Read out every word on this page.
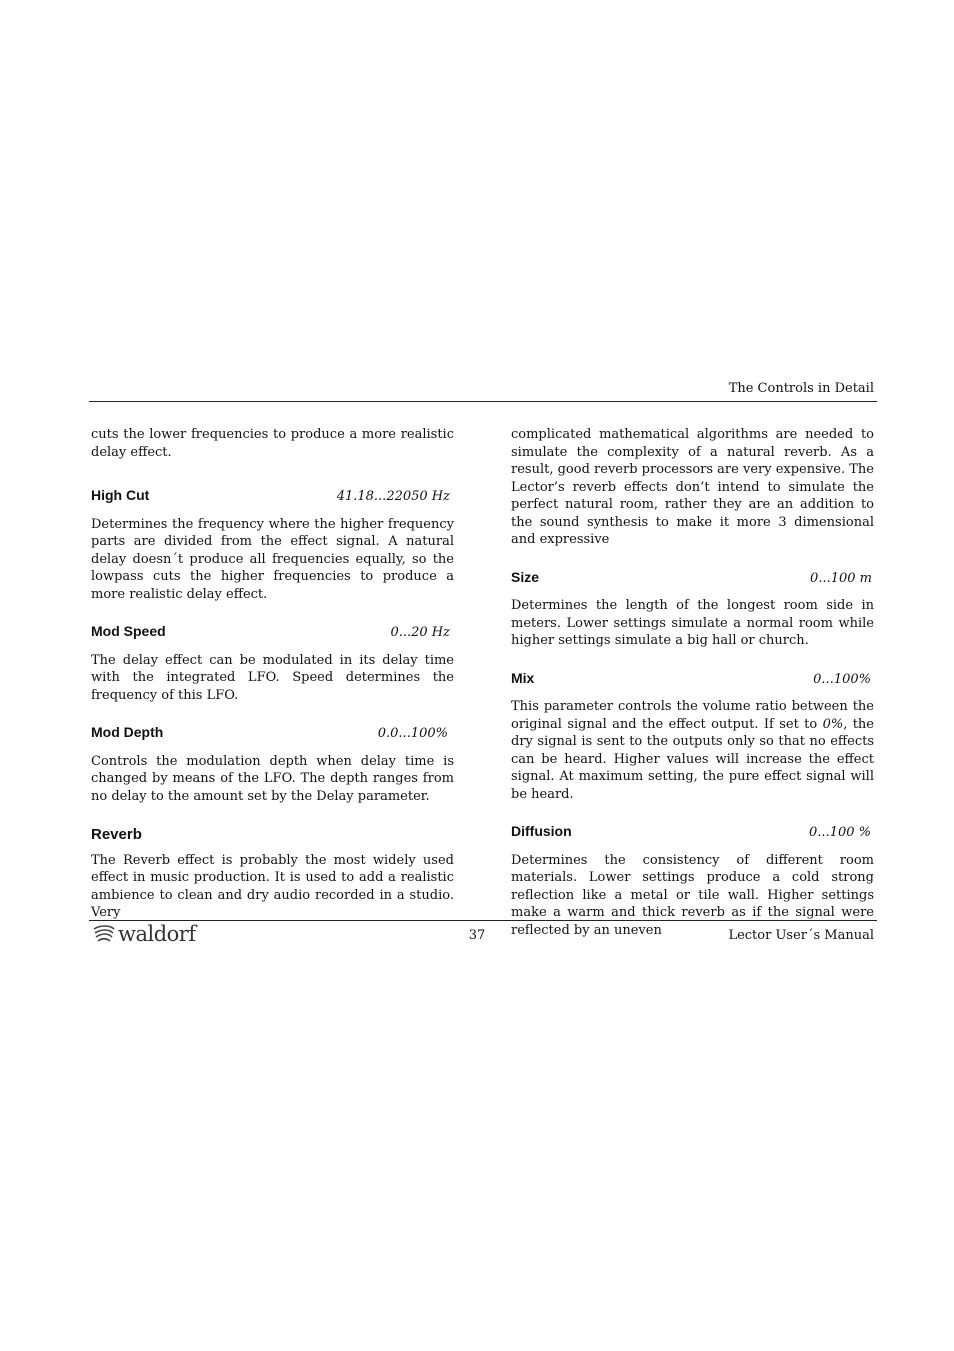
The Controls in Detail

cuts the lower frequencies to produce a more realistic delay effect.

High Cut	41.18...22050 Hz

Determines the frequency where the higher frequency parts are divided from the effect signal. A natural delay doesn´t produce all frequencies equally, so the lowpass cuts the higher frequencies to produce a more realistic delay effect.

Mod Speed	0...20 Hz

The delay effect can be modulated in its delay time with the integrated LFO. Speed determines the frequency of this LFO.

Mod Depth	0.0...100%

Controls the modulation depth when delay time is changed by means of the LFO. The depth ranges from no delay to the amount set by the Delay parameter.

Reverb

The Reverb effect is probably the most widely used effect in music production. It is used to add a realistic ambience to clean and dry audio recorded in a studio. Very

complicated mathematical algorithms are needed to simulate the complexity of a natural reverb. As a result, good reverb processors are very expensive. The Lector’s reverb effects don’t intend to simulate the perfect natural room, rather they are an addition to the sound synthesis to make it more 3 dimensional and expressive

Size	0...100 m

Determines the length of the longest room side in meters. Lower settings simulate a normal room while higher settings simulate a big hall or church.

Mix	0...100%

This parameter controls the volume ratio between the original signal and the effect output. If set to 0%, the dry signal is sent to the outputs only so that no effects can be heard. Higher values will increase the effect signal. At maximum setting, the pure effect signal will be heard.

Diffusion	0...100 %

Determines the consistency of different room materials. Lower settings produce a cold strong reflection like a metal or tile wall. Higher settings make a warm and thick reverb as if the signal were reflected by an uneven

waldorf	37	Lector User´s Manual
